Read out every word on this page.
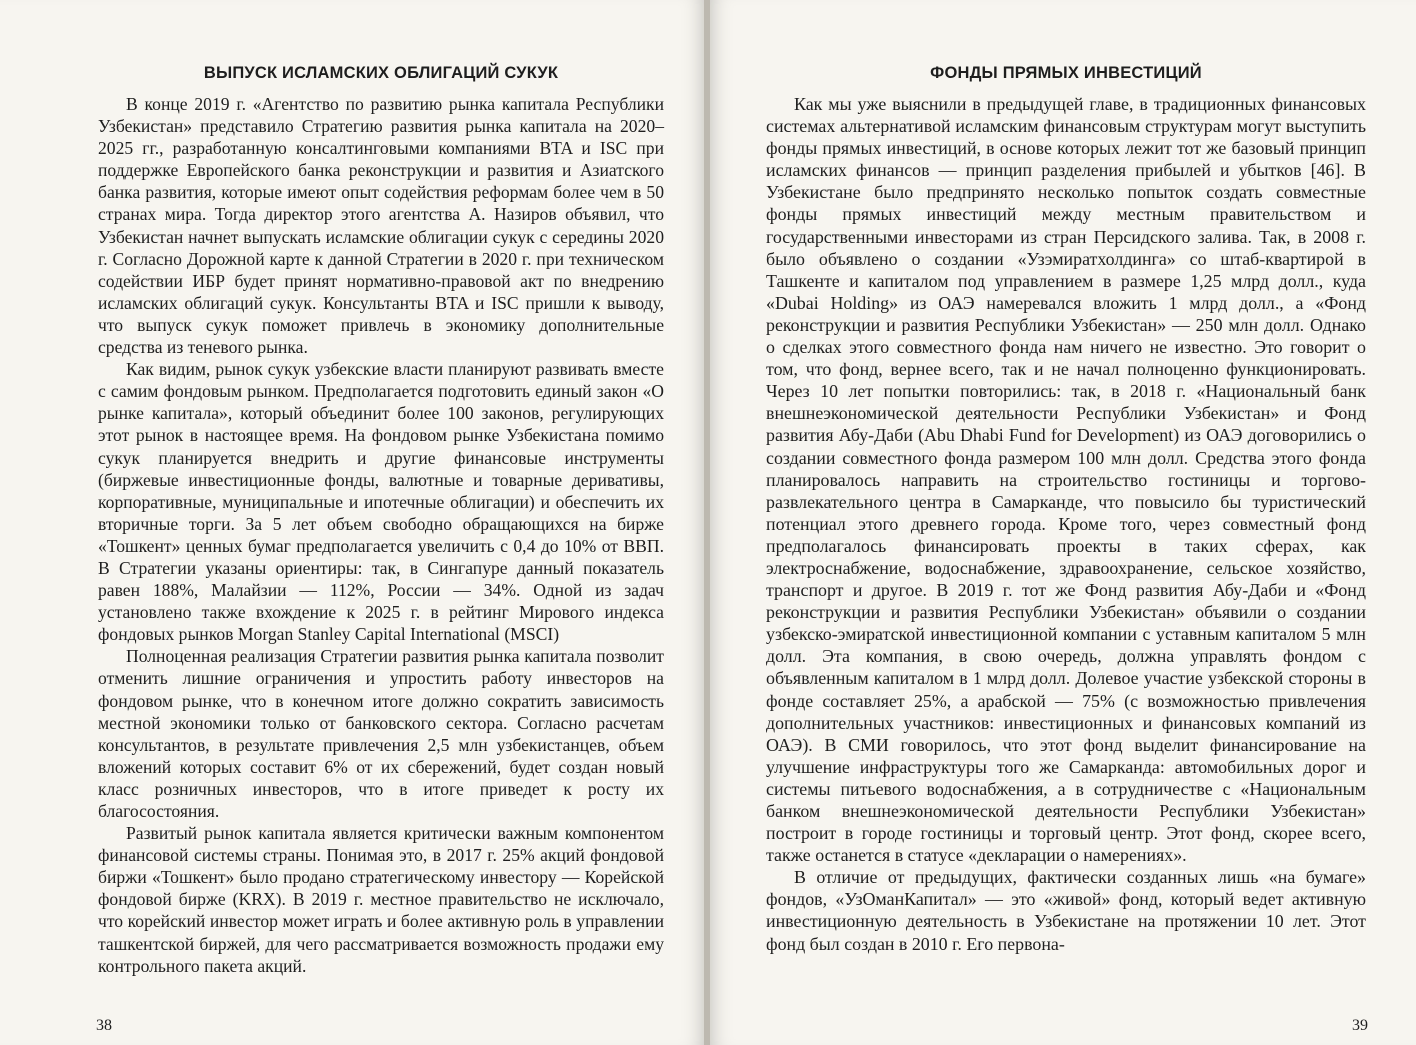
ВЫПУСК ИСЛАМСКИХ ОБЛИГАЦИЙ СУКУК

В конце 2019 г. «Агентство по развитию рынка капитала Республики Узбекистан» представило Стратегию развития рынка капитала на 2020–2025 гг., разработанную консалтинговыми компаниями BTA и ISC при поддержке Европейского банка реконструкции и развития и Азиатского банка развития, которые имеют опыт содействия реформам более чем в 50 странах мира. Тогда директор этого агентства А. Назиров объявил, что Узбекистан начнет выпускать исламские облигации сукук с середины 2020 г. Согласно Дорожной карте к данной Стратегии в 2020 г. при техническом содействии ИБР будет принят нормативно-правовой акт по внедрению исламских облигаций сукук. Консультанты BTA и ISC пришли к выводу, что выпуск сукук поможет привлечь в экономику дополнительные средства из теневого рынка.

Как видим, рынок сукук узбекские власти планируют развивать вместе с самим фондовым рынком. Предполагается подготовить единый закон «О рынке капитала», который объединит более 100 законов, регулирующих этот рынок в настоящее время. На фондовом рынке Узбекистана помимо сукук планируется внедрить и другие финансовые инструменты (биржевые инвестиционные фонды, валютные и товарные деривативы, корпоративные, муниципальные и ипотечные облигации) и обеспечить их вторичные торги. За 5 лет объем свободно обращающихся на бирже «Тошкент» ценных бумаг предполагается увеличить с 0,4 до 10% от ВВП. В Стратегии указаны ориентиры: так, в Сингапуре данный показатель равен 188%, Малайзии — 112%, России — 34%. Одной из задач установлено также вхождение к 2025 г. в рейтинг Мирового индекса фондовых рынков Morgan Stanley Capital International (MSCI)

Полноценная реализация Стратегии развития рынка капитала позволит отменить лишние ограничения и упростить работу инвесторов на фондовом рынке, что в конечном итоге должно сократить зависимость местной экономики только от банковского сектора. Согласно расчетам консультантов, в результате привлечения 2,5 млн узбекистанцев, объем вложений которых составит 6% от их сбережений, будет создан новый класс розничных инвесторов, что в итоге приведет к росту их благосостояния.

Развитый рынок капитала является критически важным компонентом финансовой системы страны. Понимая это, в 2017 г. 25% акций фондовой биржи «Тошкент» было продано стратегическому инвестору — Корейской фондовой бирже (KRX). В 2019 г. местное правительство не исключало, что корейский инвестор может играть и более активную роль в управлении ташкентской биржей, для чего рассматривается возможность продажи ему контрольного пакета акций.

38
ФОНДЫ ПРЯМЫХ ИНВЕСТИЦИЙ

Как мы уже выяснили в предыдущей главе, в традиционных финансовых системах альтернативой исламским финансовым структурам могут выступить фонды прямых инвестиций, в основе которых лежит тот же базовый принцип исламских финансов — принцип разделения прибылей и убытков [46]. В Узбекистане было предпринято несколько попыток создать совместные фонды прямых инвестиций между местным правительством и государственными инвесторами из стран Персидского залива. Так, в 2008 г. было объявлено о создании «Узэмиратхолдинга» со штаб-квартирой в Ташкенте и капиталом под управлением в размере 1,25 млрд долл., куда «Dubai Holding» из ОАЭ намеревался вложить 1 млрд долл., а «Фонд реконструкции и развития Республики Узбекистан» — 250 млн долл. Однако о сделках этого совместного фонда нам ничего не известно. Это говорит о том, что фонд, вернее всего, так и не начал полноценно функционировать. Через 10 лет попытки повторились: так, в 2018 г. «Национальный банк внешнеэкономической деятельности Республики Узбекистан» и Фонд развития Абу-Даби (Abu Dhabi Fund for Development) из ОАЭ договорились о создании совместного фонда размером 100 млн долл. Средства этого фонда планировалось направить на строительство гостиницы и торгово-развлекательного центра в Самарканде, что повысило бы туристический потенциал этого древнего города. Кроме того, через совместный фонд предполагалось финансировать проекты в таких сферах, как электроснабжение, водоснабжение, здравоохранение, сельское хозяйство, транспорт и другое. В 2019 г. тот же Фонд развития Абу-Даби и «Фонд реконструкции и развития Республики Узбекистан» объявили о создании узбекско-эмиратской инвестиционной компании с уставным капиталом 5 млн долл. Эта компания, в свою очередь, должна управлять фондом с объявленным капиталом в 1 млрд долл. Долевое участие узбекской стороны в фонде составляет 25%, а арабской — 75% (с возможностью привлечения дополнительных участников: инвестиционных и финансовых компаний из ОАЭ). В СМИ говорилось, что этот фонд выделит финансирование на улучшение инфраструктуры того же Самарканда: автомобильных дорог и системы питьевого водоснабжения, а в сотрудничестве с «Национальным банком внешнеэкономической деятельности Республики Узбекистан» построит в городе гостиницы и торговый центр. Этот фонд, скорее всего, также останется в статусе «декларации о намерениях».

В отличие от предыдущих, фактически созданных лишь «на бумаге» фондов, «УзОманКапитал» — это «живой» фонд, который ведет активную инвестиционную деятельность в Узбекистане на протяжении 10 лет. Этот фонд был создан в 2010 г. Его первона-

39
